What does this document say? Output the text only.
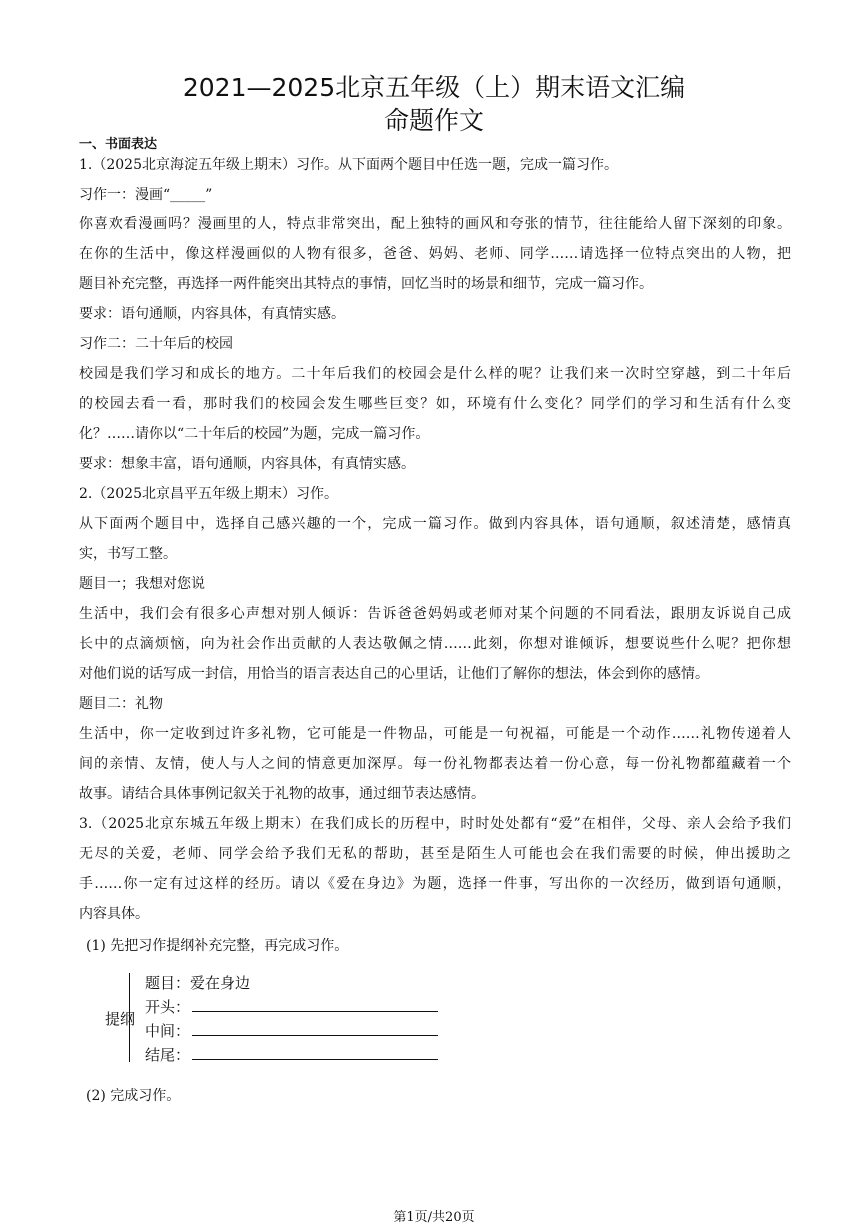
2021—2025北京五年级（上）期末语文汇编
命题作文
一、书面表达
1.（2025北京海淀五年级上期末）习作。从下面两个题目中任选一题，完成一篇习作。
习作一：漫画“_____”
你喜欢看漫画吗？漫画里的人，特点非常突出，配上独特的画风和夸张的情节，往往能给人留下深刻的印象。
在你的生活中，像这样漫画似的人物有很多，爸爸、妈妈、老师、同学……请选择一位特点突出的人物，把
题目补充完整，再选择一两件能突出其特点的事情，回忆当时的场景和细节，完成一篇习作。
要求：语句通顺，内容具体，有真情实感。
习作二：二十年后的校园
校园是我们学习和成长的地方。二十年后我们的校园会是什么样的呢？让我们来一次时空穿越，到二十年后
的校园去看一看，那时我们的校园会发生哪些巨变？如，环境有什么变化？同学们的学习和生活有什么变
化？……请你以“二十年后的校园”为题，完成一篇习作。
要求：想象丰富，语句通顺，内容具体，有真情实感。
2.（2025北京昌平五年级上期末）习作。
从下面两个题目中，选择自己感兴趣的一个，完成一篇习作。做到内容具体，语句通顺，叙述清楚，感情真
实，书写工整。
题目一；我想对您说
生活中，我们会有很多心声想对别人倾诉：告诉爸爸妈妈或老师对某个问题的不同看法，跟朋友诉说自己成
长中的点滴烦恼，向为社会作出贡献的人表达敬佩之情……此刻，你想对谁倾诉，想要说些什么呢？把你想
对他们说的话写成一封信，用恰当的语言表达自己的心里话，让他们了解你的想法，体会到你的感情。
题目二：礼物
生活中，你一定收到过许多礼物，它可能是一件物品，可能是一句祝福，可能是一个动作……礼物传递着人
间的亲情、友情，使人与人之间的情意更加深厚。每一份礼物都表达着一份心意，每一份礼物都蕴藏着一个
故事。请结合具体事例记叙关于礼物的故事，通过细节表达感情。
3.（2025北京东城五年级上期末）在我们成长的历程中，时时处处都有“爱”在相伴，父母、亲人会给予我们
无尽的关爱，老师、同学会给予我们无私的帮助，甚至是陌生人可能也会在我们需要的时候，伸出援助之
手……你一定有过这样的经历。请以《爱在身边》为题，选择一件事，写出你的一次经历，做到语句通顺，
内容具体。
(1) 先把习作提纲补充完整，再完成习作。
提纲
题目：爱在身边
开头：
中间：
结尾：
(2) 完成习作。
第1页/共20页
